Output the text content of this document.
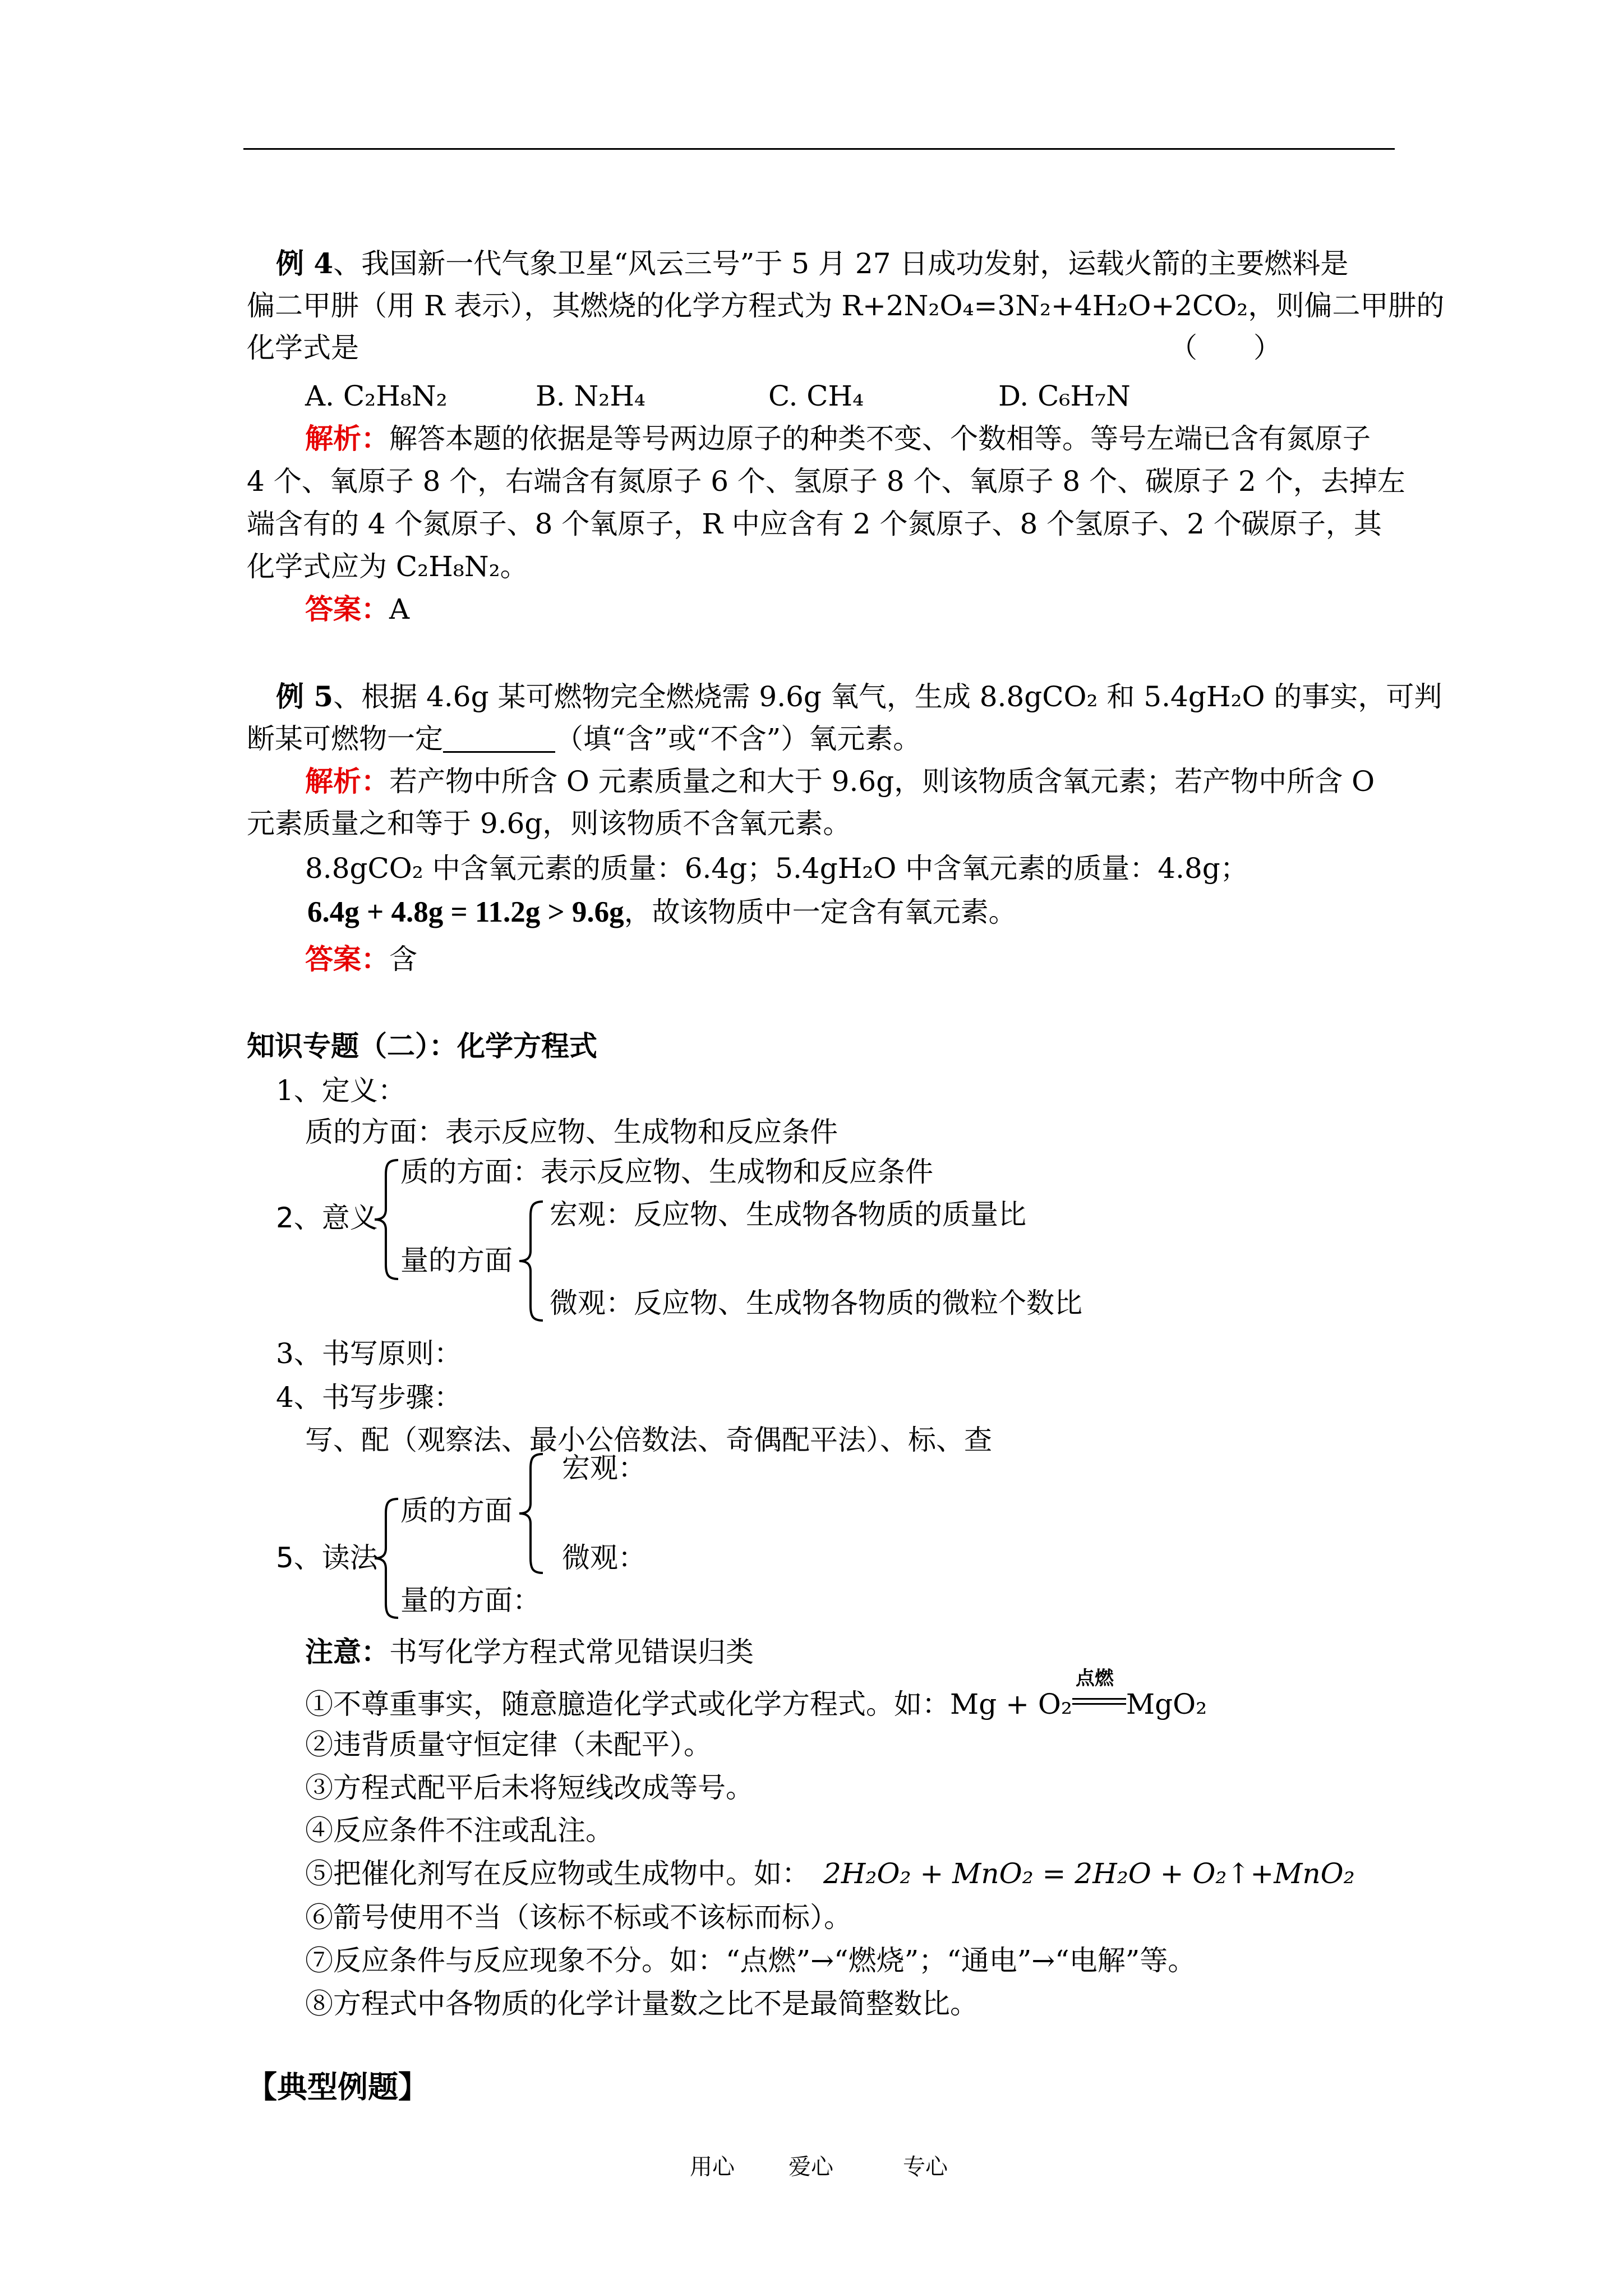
例 4、我国新一代气象卫星“风云三号”于 5 月 27 日成功发射，运载火箭的主要燃料是
偏二甲肼（用 R 表示），其燃烧的化学方程式为 R+2N₂O₄=3N₂+4H₂O+2CO₂，则偏二甲肼的
化学式是	（　　）
A. C₂H₈N₂	B. N₂H₄	C. CH₄	D. C₆H₇N
解析：解答本题的依据是等号两边原子的种类不变、个数相等。等号左端已含有氮原子
4 个、氧原子 8 个，右端含有氮原子 6 个、氢原子 8 个、氧原子 8 个、碳原子 2 个，去掉左
端含有的 4 个氮原子、8 个氧原子，R 中应含有 2 个氮原子、8 个氢原子、2 个碳原子，其
化学式应为 C₂H₈N₂。
答案：A
例 5、根据 4.6g 某可燃物完全燃烧需 9.6g 氧气，生成 8.8gCO₂ 和 5.4gH₂O 的事实，可判
断某可燃物一定	（填“含”或“不含”）氧元素。
解析：若产物中所含 O 元素质量之和大于 9.6g，则该物质含氧元素；若产物中所含 O
元素质量之和等于 9.6g，则该物质不含氧元素。
8.8gCO₂ 中含氧元素的质量：6.4g；5.4gH₂O 中含氧元素的质量：4.8g；
6.4g + 4.8g = 11.2g > 9.6g，故该物质中一定含有氧元素。
答案：含
知识专题（二）：化学方程式
1、定义：
质的方面：表示反应物、生成物和反应条件
2、意义
质的方面：表示反应物、生成物和反应条件
量的方面
宏观：反应物、生成物各物质的质量比
微观：反应物、生成物各物质的微粒个数比
3、书写原则：
4、书写步骤：
写、配（观察法、最小公倍数法、奇偶配平法）、标、查
5、读法
质的方面
量的方面：
宏观：
微观：
注意：书写化学方程式常见错误归类
①不尊重事实，随意臆造化学式或化学方程式。如：Mg + O₂
点燃
MgO₂
②违背质量守恒定律（未配平）。
③方程式配平后未将短线改成等号。
④反应条件不注或乱注。
⑤把催化剂写在反应物或生成物中。如： 2H₂O₂ + MnO₂ = 2H₂O + O₂↑+MnO₂
⑥箭号使用不当（该标不标或不该标而标）。
⑦反应条件与反应现象不分。如：“点燃”→“燃烧”；“通电”→“电解”等。
⑧方程式中各物质的化学计量数之比不是最简整数比。
【典型例题】
用心 爱心	专心
